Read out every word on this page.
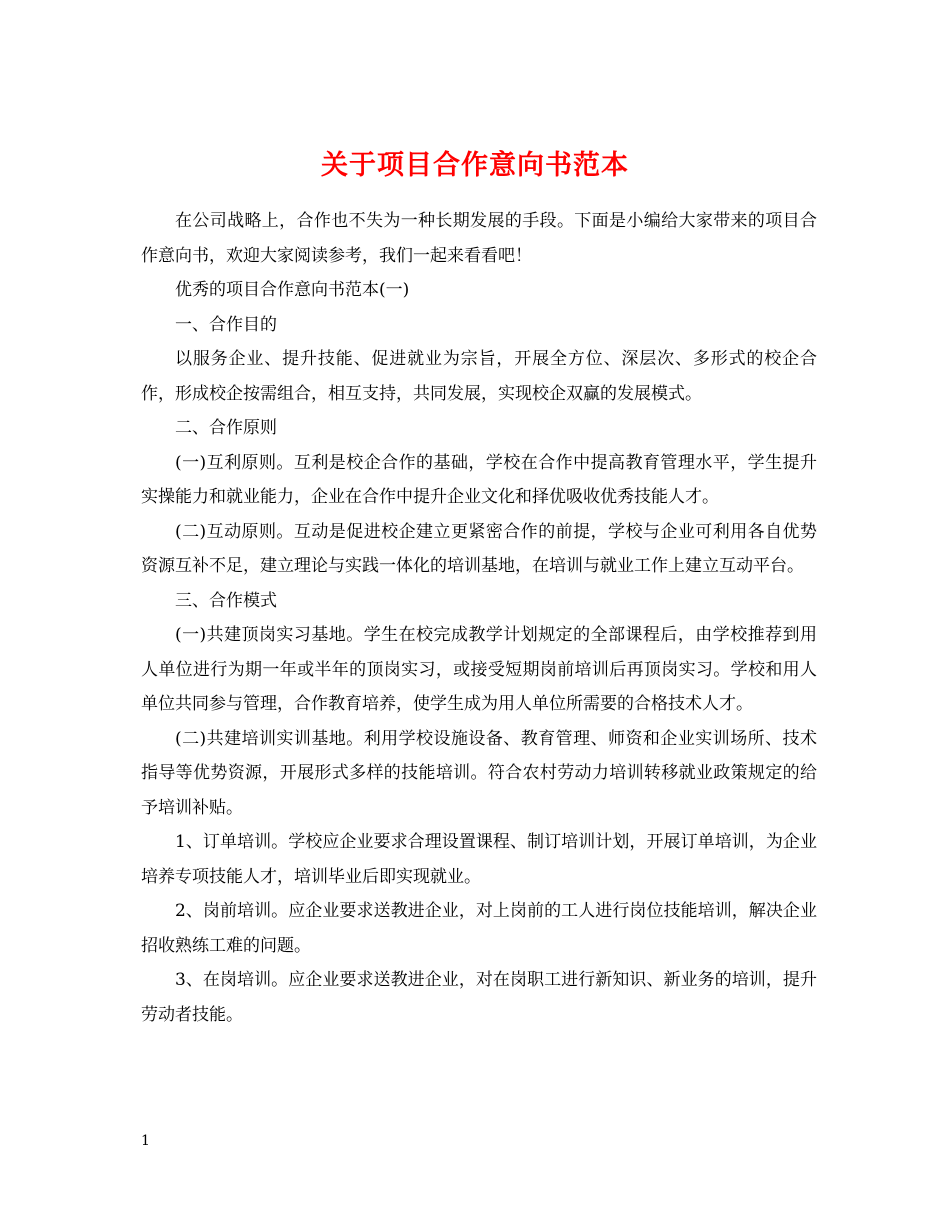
关于项目合作意向书范本

在公司战略上，合作也不失为一种长期发展的手段。下面是小编给大家带来的项目合作意向书，欢迎大家阅读参考，我们一起来看看吧！

优秀的项目合作意向书范本(一)

一、合作目的

以服务企业、提升技能、促进就业为宗旨，开展全方位、深层次、多形式的校企合作，形成校企按需组合，相互支持，共同发展，实现校企双赢的发展模式。

二、合作原则

(一)互利原则。互利是校企合作的基础，学校在合作中提高教育管理水平，学生提升实操能力和就业能力，企业在合作中提升企业文化和择优吸收优秀技能人才。

(二)互动原则。互动是促进校企建立更紧密合作的前提，学校与企业可利用各自优势资源互补不足，建立理论与实践一体化的培训基地，在培训与就业工作上建立互动平台。

三、合作模式

(一)共建顶岗实习基地。学生在校完成教学计划规定的全部课程后，由学校推荐到用人单位进行为期一年或半年的顶岗实习，或接受短期岗前培训后再顶岗实习。学校和用人单位共同参与管理，合作教育培养，使学生成为用人单位所需要的合格技术人才。

(二)共建培训实训基地。利用学校设施设备、教育管理、师资和企业实训场所、技术指导等优势资源，开展形式多样的技能培训。符合农村劳动力培训转移就业政策规定的给予培训补贴。

1、订单培训。学校应企业要求合理设置课程、制订培训计划，开展订单培训，为企业培养专项技能人才，培训毕业后即实现就业。

2、岗前培训。应企业要求送教进企业，对上岗前的工人进行岗位技能培训，解决企业招收熟练工难的问题。

3、在岗培训。应企业要求送教进企业，对在岗职工进行新知识、新业务的培训，提升劳动者技能。

1
